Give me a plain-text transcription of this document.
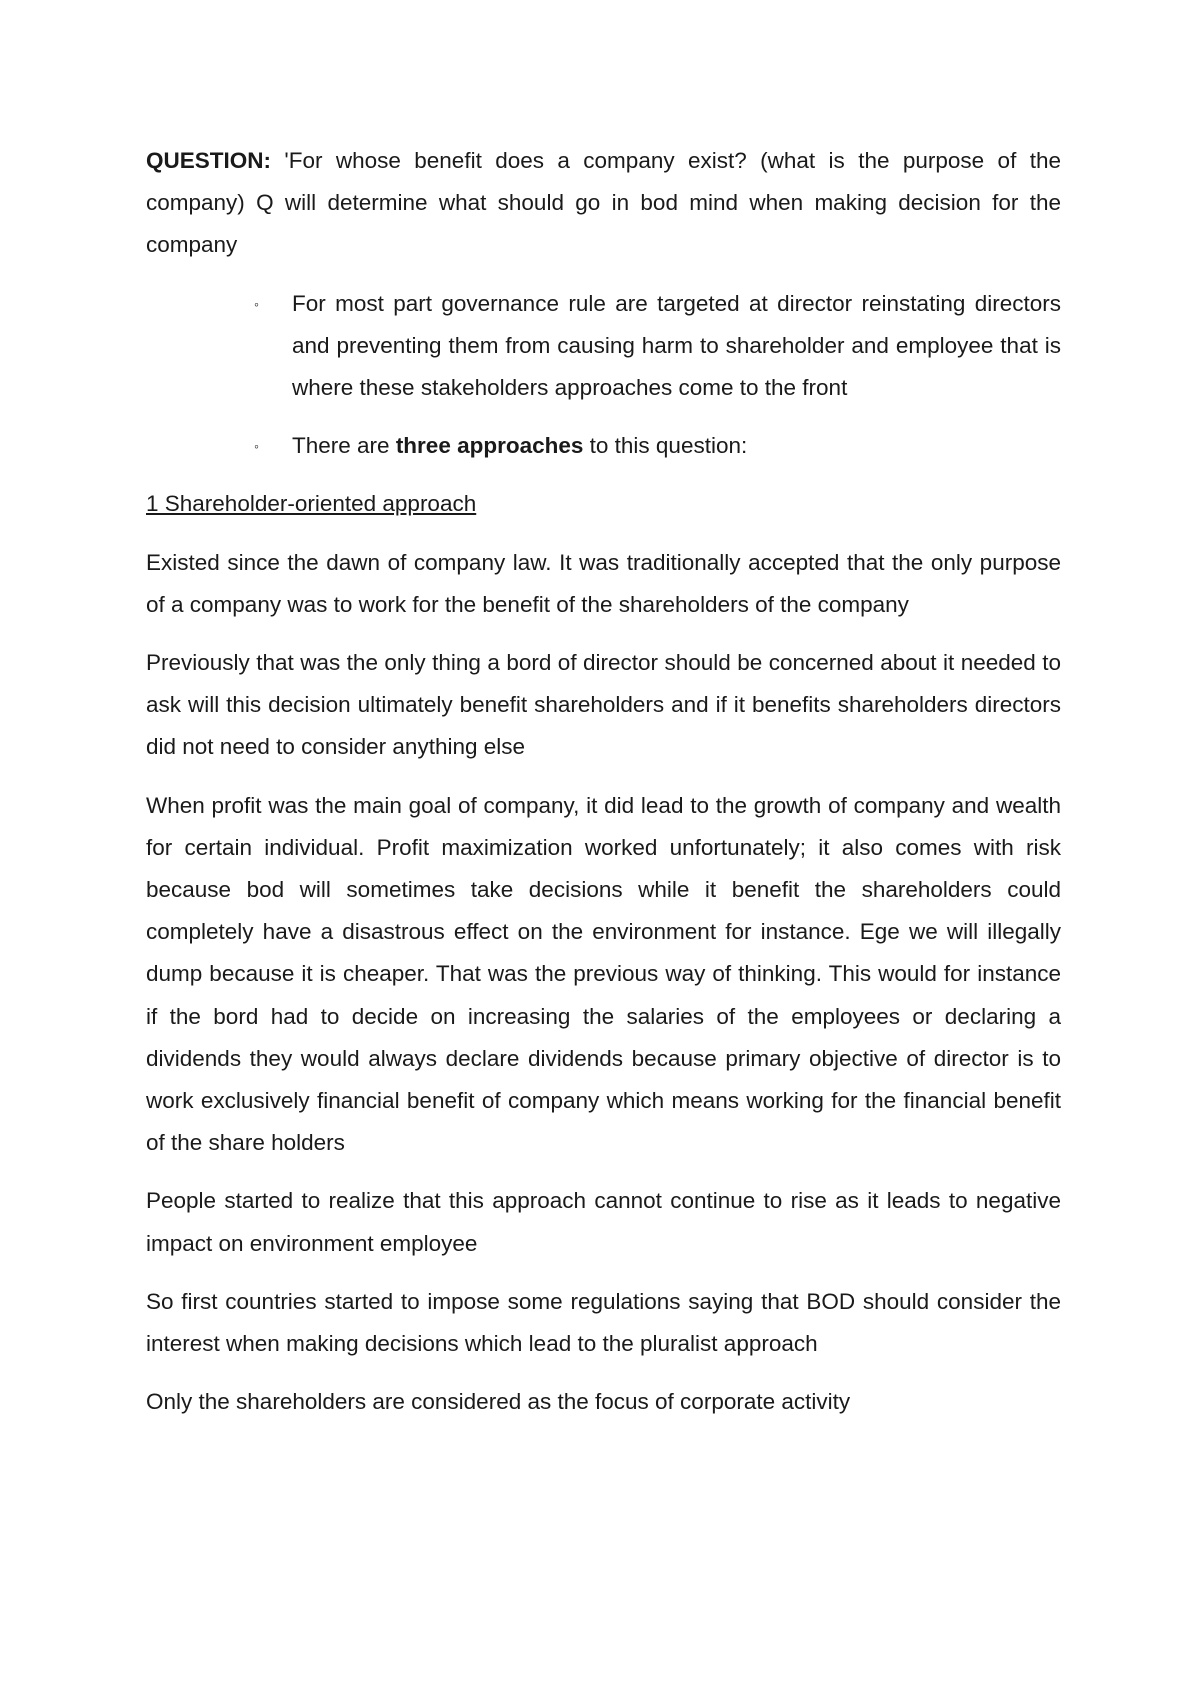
QUESTION: 'For whose benefit does a company exist? (what is the purpose of the company) Q will determine what should go in bod mind when making decision for the company

◦ For most part governance rule are targeted at director reinstating directors and preventing them from causing harm to shareholder and employee that is where these stakeholders approaches come to the front
◦ There are three approaches to this question:

1 Shareholder-oriented approach

Existed since the dawn of company law. It was traditionally accepted that the only purpose of a company was to work for the benefit of the shareholders of the company

Previously that was the only thing a bord of director should be concerned about it needed to ask will this decision ultimately benefit shareholders and if it benefits shareholders directors did not need to consider anything else

When profit was the main goal of company, it did lead to the growth of company and wealth for certain individual. Profit maximization worked unfortunately; it also comes with risk because bod will sometimes take decisions while it benefit the shareholders could completely have a disastrous effect on the environment for instance. Ege we will illegally dump because it is cheaper. That was the previous way of thinking. This would for instance if the bord had to decide on increasing the salaries of the employees or declaring a dividends they would always declare dividends because primary objective of director is to work exclusively financial benefit of company which means working for the financial benefit of the share holders

People started to realize that this approach cannot continue to rise as it leads to negative impact on environment employee

So first countries started to impose some regulations saying that BOD should consider the interest when making decisions which lead to the pluralist approach

Only the shareholders are considered as the focus of corporate activity
